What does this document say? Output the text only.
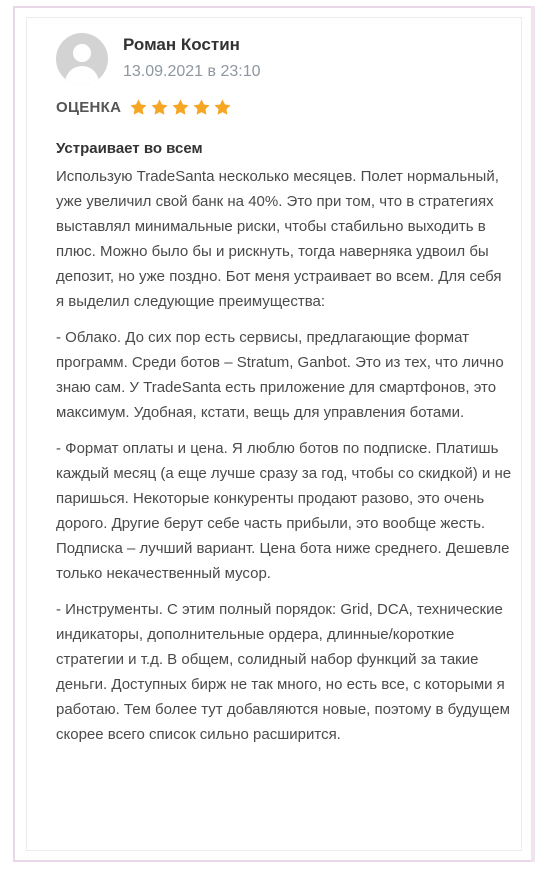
Роман Костин
13.09.2021 в 23:10
ОЦЕНКА
Устраивает во всем

Использую TradeSanta несколько месяцев. Полет нормальный, уже увеличил свой банк на 40%. Это при том, что в стратегиях выставлял минимальные риски, чтобы стабильно выходить в плюс. Можно было бы и рискнуть, тогда наверняка удвоил бы депозит, но уже поздно. Бот меня устраивает во всем. Для себя я выделил следующие преимущества:

- Облако. До сих пор есть сервисы, предлагающие формат программ. Среди ботов – Stratum, Ganbot. Это из тех, что лично знаю сам. У TradeSanta есть приложение для смартфонов, это максимум. Удобная, кстати, вещь для управления ботами.

- Формат оплаты и цена. Я люблю ботов по подписке. Платишь каждый месяц (а еще лучше сразу за год, чтобы со скидкой) и не паришься. Некоторые конкуренты продают разово, это очень дорого. Другие берут себе часть прибыли, это вообще жесть. Подписка – лучший вариант. Цена бота ниже среднего. Дешевле только некачественный мусор.

- Инструменты. С этим полный порядок: Grid, DCA, технические индикаторы, дополнительные ордера, длинные/короткие стратегии и т.д. В общем, солидный набор функций за такие деньги. Доступных бирж не так много, но есть все, с которыми я работаю. Тем более тут добавляются новые, поэтому в будущем скорее всего список сильно расширится.
